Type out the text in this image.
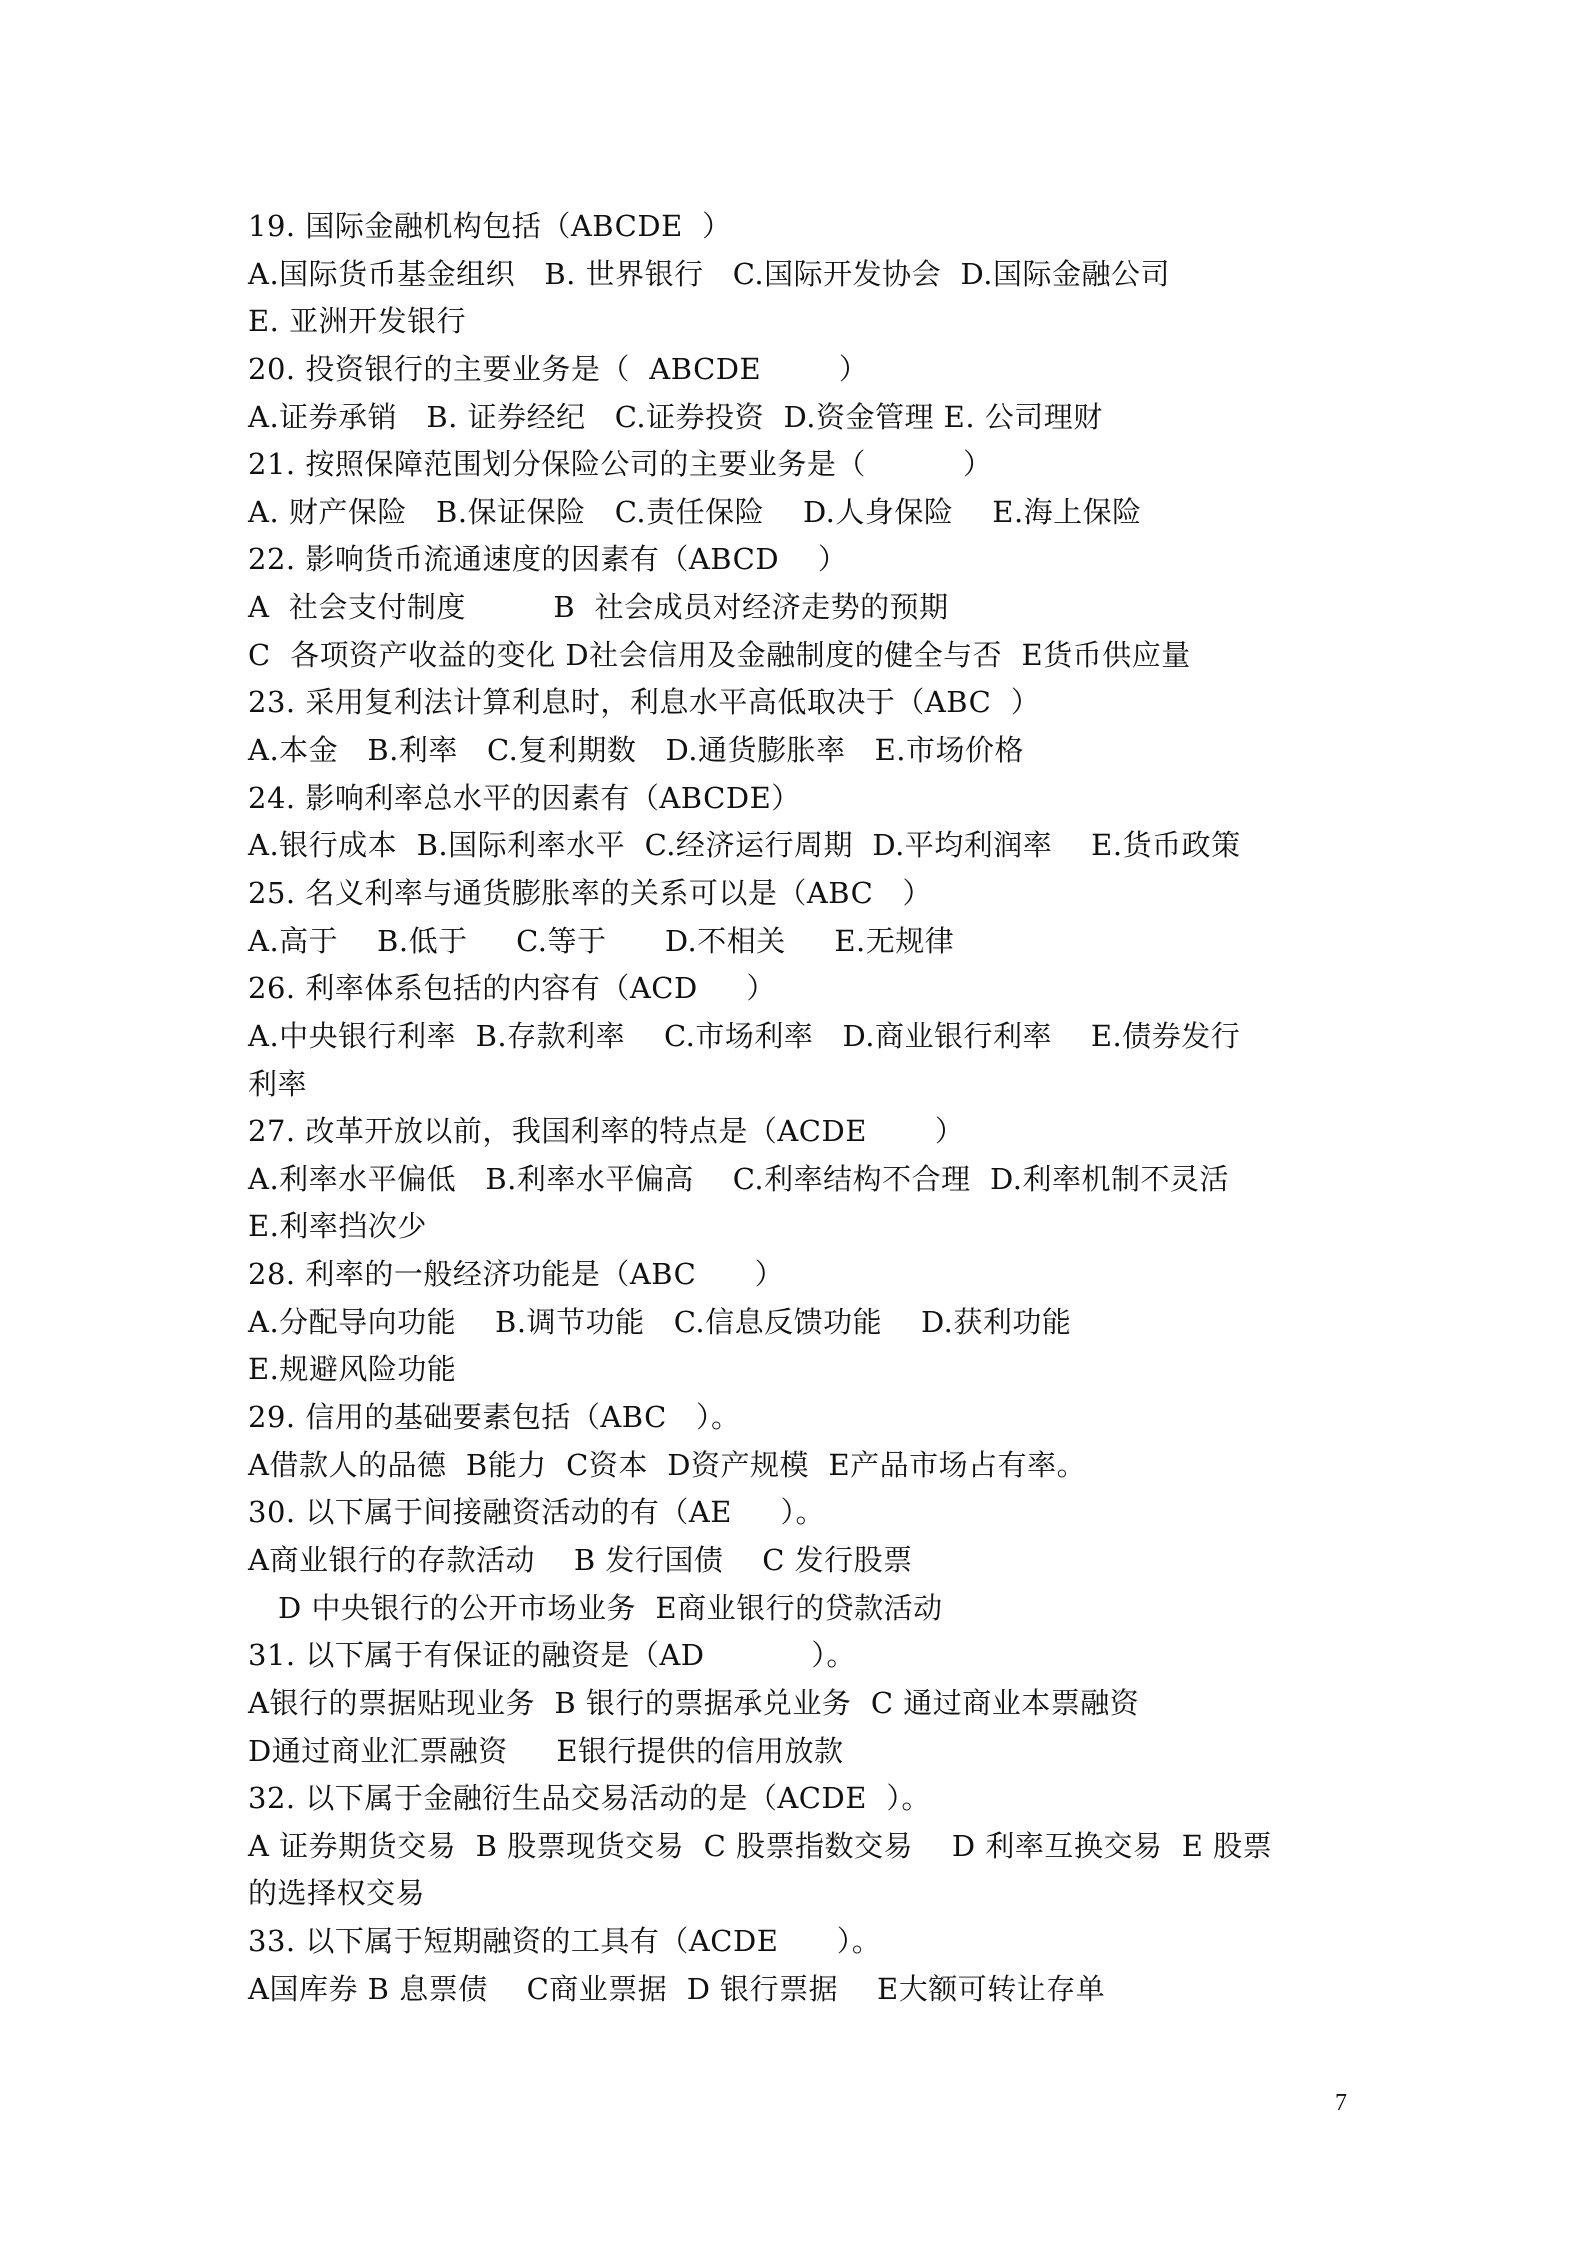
19. 国际金融机构包括（ABCDE  ）
A.国际货币基金组织   B. 世界银行   C.国际开发协会  D.国际金融公司
E. 亚洲开发银行
20. 投资银行的主要业务是（  ABCDE        ）
A.证券承销   B. 证券经纪   C.证券投资  D.资金管理 E. 公司理财
21. 按照保障范围划分保险公司的主要业务是（          ）
A. 财产保险   B.保证保险   C.责任保险    D.人身保险    E.海上保险
22. 影响货币流通速度的因素有（ABCD    ）
A  社会支付制度         B  社会成员对经济走势的预期
C  各项资产收益的变化 D社会信用及金融制度的健全与否  E货币供应量
23. 采用复利法计算利息时，利息水平高低取决于（ABC  ）
A.本金   B.利率   C.复利期数   D.通货膨胀率   E.市场价格
24. 影响利率总水平的因素有（ABCDE）
A.银行成本  B.国际利率水平  C.经济运行周期  D.平均利润率    E.货币政策
25. 名义利率与通货膨胀率的关系可以是（ABC   ）
A.高于    B.低于     C.等于      D.不相关     E.无规律
26. 利率体系包括的内容有（ACD     ）
A.中央银行利率  B.存款利率    C.市场利率   D.商业银行利率    E.债券发行
利率
27. 改革开放以前，我国利率的特点是（ACDE       ）
A.利率水平偏低   B.利率水平偏高    C.利率结构不合理  D.利率机制不灵活
E.利率挡次少
28. 利率的一般经济功能是（ABC      ）
A.分配导向功能    B.调节功能   C.信息反馈功能    D.获利功能
E.规避风险功能
29. 信用的基础要素包括（ABC   ）。
A借款人的品德  B能力  C资本  D资产规模  E产品市场占有率。
30. 以下属于间接融资活动的有（AE     ）。
A商业银行的存款活动    B 发行国债    C 发行股票
D 中央银行的公开市场业务  E商业银行的贷款活动
31. 以下属于有保证的融资是（AD           ）。
A银行的票据贴现业务  B 银行的票据承兑业务  C 通过商业本票融资
D通过商业汇票融资     E银行提供的信用放款
32. 以下属于金融衍生品交易活动的是（ACDE  ）。
A 证券期货交易  B 股票现货交易  C 股票指数交易    D 利率互换交易  E 股票
的选择权交易
33. 以下属于短期融资的工具有（ACDE      ）。
A国库券 B 息票债    C商业票据  D 银行票据    E大额可转让存单
7
